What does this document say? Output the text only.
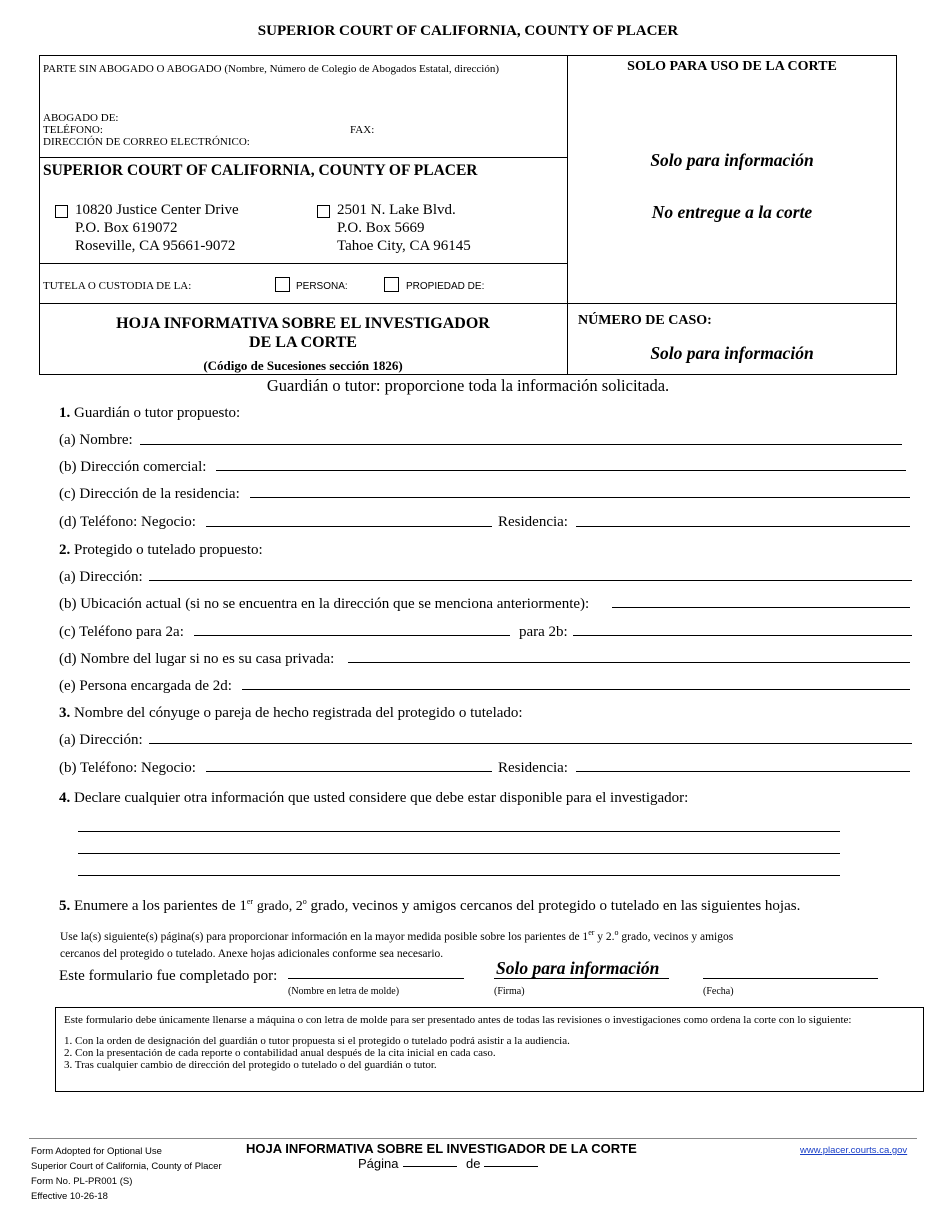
SUPERIOR COURT OF CALIFORNIA, COUNTY OF PLACER
PARTE SIN ABOGADO O ABOGADO (Nombre, Número de Colegio de Abogados Estatal, dirección)
ABOGADO DE:
TELÉFONO:	FAX:
DIRECCIÓN DE CORREO ELECTRÓNICO:
SUPERIOR COURT OF CALIFORNIA, COUNTY OF PLACER
10820 Justice Center Drive
P.O. Box 619072
Roseville, CA 95661-9072
2501 N. Lake Blvd.
P.O. Box 5669
Tahoe City, CA 96145
TUTELA O CUSTODIA DE LA:	PERSONA:	PROPIEDAD DE:
HOJA INFORMATIVA SOBRE EL INVESTIGADOR
DE LA CORTE
(Código de Sucesiones sección 1826)
SOLO PARA USO DE LA CORTE
Solo para información
No entregue a la corte
NÚMERO DE CASO:
Solo para información
Guardián o tutor: proporcione toda la información solicitada.
1. Guardián o tutor propuesto:
(a) Nombre:
(b) Dirección comercial:
(c) Dirección de la residencia:
(d) Teléfono: Negocio:	Residencia:
2. Protegido o tutelado propuesto:
(a) Dirección:
(b) Ubicación actual (si no se encuentra en la dirección que se menciona anteriormente):
(c) Teléfono para 2a:	para 2b:
(d) Nombre del lugar si no es su casa privada:
(e) Persona encargada de 2d:
3. Nombre del cónyuge o pareja de hecho registrada del protegido o tutelado:
(a) Dirección:
(b) Teléfono: Negocio:	Residencia:
4. Declare cualquier otra información que usted considere que debe estar disponible para el investigador:
5. Enumere a los parientes de 1er grado, 2$^o$ grado, vecinos y amigos cercanos del protegido o tutelado en las siguientes hojas.
Use la(s) siguiente(s) página(s) para proporcionar información en la mayor medida posible sobre los parientes de 1er y 2.$^o$ grado, vecinos y amigos
cercanos del protegido o tutelado. Anexe hojas adicionales conforme sea necesario.
Este formulario fue completado por:	Solo para información
(Nombre en letra de molde)	(Firma)	(Fecha)
Este formulario debe únicamente llenarse a máquina o con letra de molde para ser presentado antes de todas las revisiones o investigaciones como ordena la corte con lo siguiente:
1. Con la orden de designación del guardián o tutor propuesta si el protegido o tutelado podrá asistir a la audiencia.
2. Con la presentación de cada reporte o contabilidad anual después de la cita inicial en cada caso.
3. Tras cualquier cambio de dirección del protegido o tutelado o del guardián o tutor.
Form Adopted for Optional Use
Superior Court of California, County of Placer
Form No. PL-PR001 (S)
Effective 10-26-18
HOJA INFORMATIVA SOBRE EL INVESTIGADOR DE LA CORTE
Página	de
www.placer.courts.ca.gov
